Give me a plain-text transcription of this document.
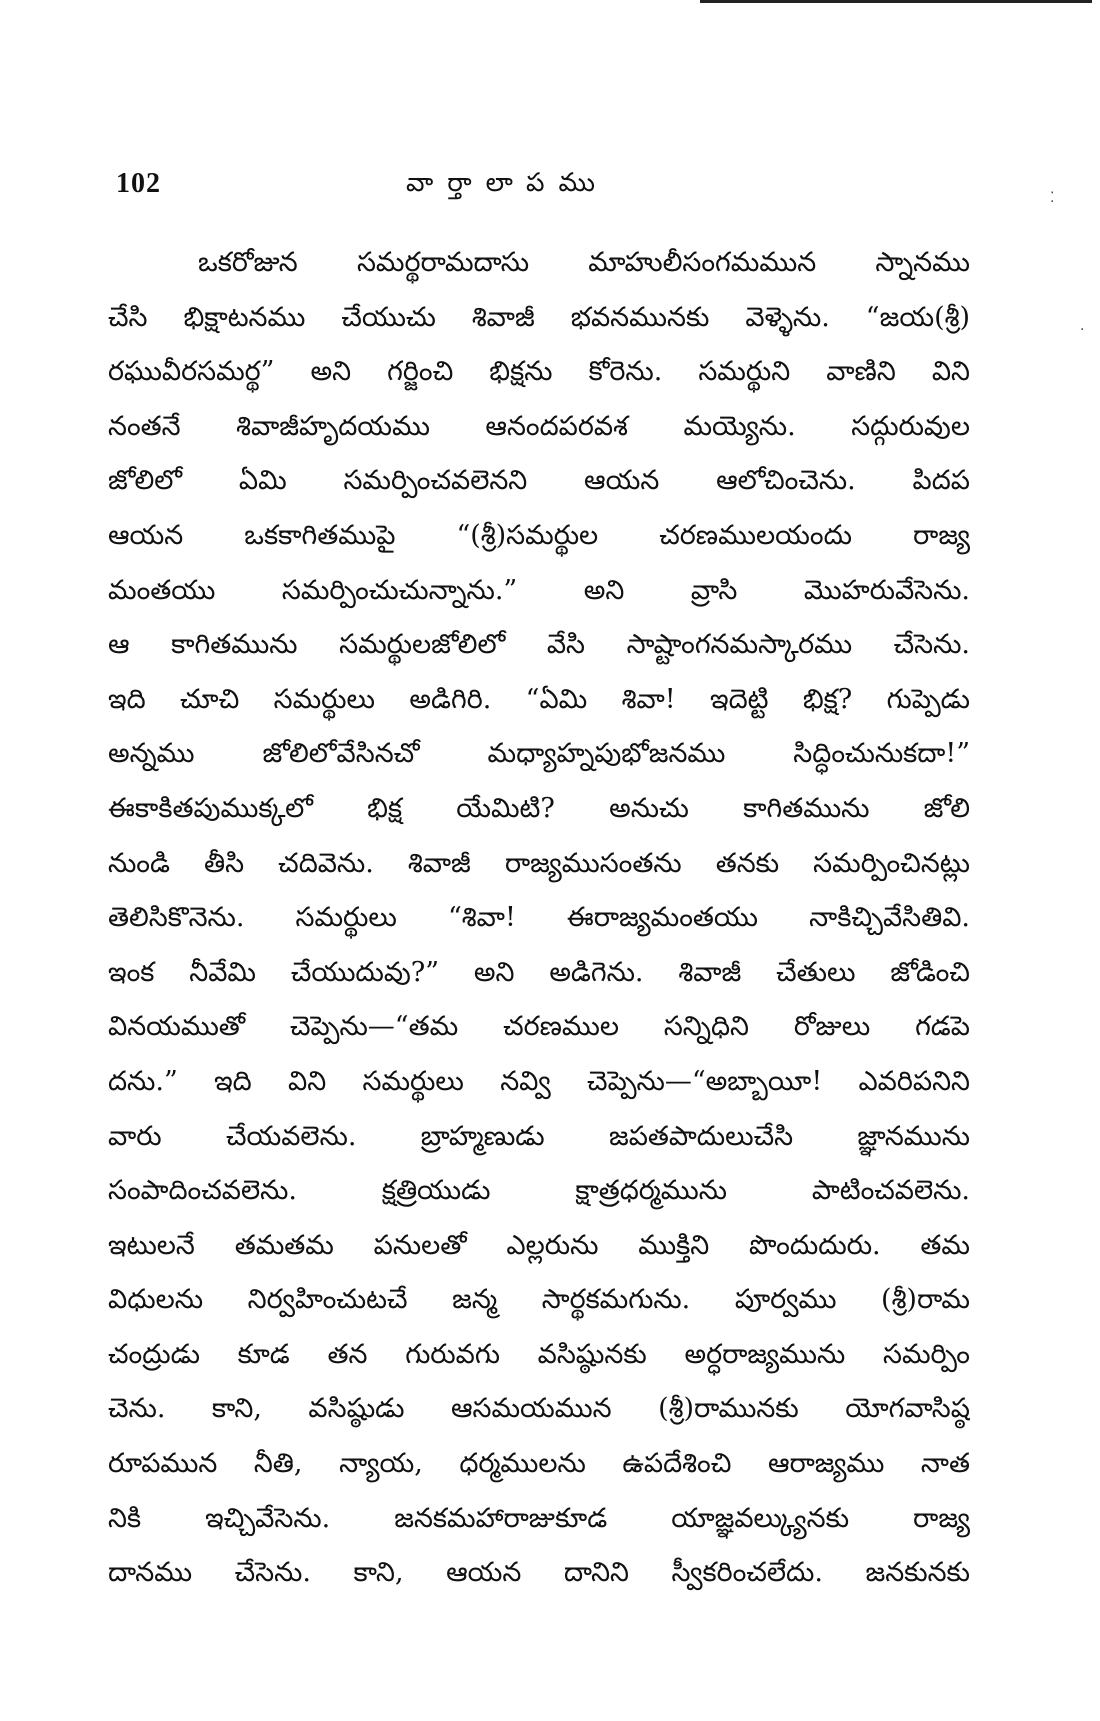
⁚
·
102	వార్తాలాపము
ఒకరోజున సమర్థరామదాసు మాహులీసంగమమున స్నానము
చేసి భిక్షాటనము చేయుచు శివాజీ భవనమునకు వెళ్ళెను. “జయ(శ్రీ)
రఘువీరసమర్థ” అని గర్జించి భిక్షను కోరెను. సమర్థుని వాణిని విని
నంతనే శివాజీహృదయము ఆనందపరవశ మయ్యెను. సద్గురువుల
జోలిలో ఏమి సమర్పించవలెనని ఆయన ఆలోచించెను. పిదప
ఆయన ఒకకాగితముపై “(శ్రీ)సమర్థుల చరణములయందు రాజ్య
మంతయు సమర్పించుచున్నాను.” అని వ్రాసి మొహరువేసెను.
ఆ కాగితమును సమర్థులజోలిలో వేసి సాష్టాంగనమస్కారము చేసెను.
ఇది చూచి సమర్థులు అడిగిరి. “ఏమి శివా! ఇదెట్టి భిక్ష? గుప్పెడు
అన్నము జోలిలోవేసినచో మధ్యాహ్నపుభోజనము సిద్ధించునుకదా!”
ఈకాకితపుముక్కలో భిక్ష యేమిటి? అనుచు కాగితమును జోలి
నుండి తీసి చదివెను. శివాజీ రాజ్యముసంతను తనకు సమర్పించినట్లు
తెలిసికొనెను. సమర్థులు “శివా! ఈరాజ్యమంతయు నాకిచ్చివేసితివి.
ఇంక నీవేమి చేయుదువు?” అని అడిగెను. శివాజీ చేతులు జోడించి
వినయముతో చెప్పెను—“తమ చరణముల సన్నిధిని రోజులు గడపె
దను.” ఇది విని సమర్థులు నవ్వి చెప్పెను—“అబ్బాయీ! ఎవరిపనిని
వారు చేయవలెను. బ్రాహ్మణుడు జపతపాదులుచేసి జ్ఞానమును
సంపాదించవలెను. క్షత్రియుడు క్షాత్రధర్మమును పాటించవలెను.
ఇటులనే తమతమ పనులతో ఎల్లరును ముక్తిని పొందుదురు. తమ
విధులను నిర్వహించుటచే జన్మ సార్థకమగును. పూర్వము (శ్రీ)రామ
చంద్రుడు కూడ తన గురువగు వసిష్ఠునకు అర్ధరాజ్యమును సమర్పిం
చెను. కాని, వసిష్ఠుడు ఆసమయమున (శ్రీ)రామునకు యోగవాసిష్ఠ
రూపమున నీతి, న్యాయ, ధర్మములను ఉపదేశించి ఆరాజ్యము నాత
నికి ఇచ్చివేసెను. జనకమహారాజుకూడ యాజ్ఞవల్క్యునకు రాజ్య
దానము చేసెను. కాని, ఆయన దానిని స్వీకరించలేదు. జనకునకు
